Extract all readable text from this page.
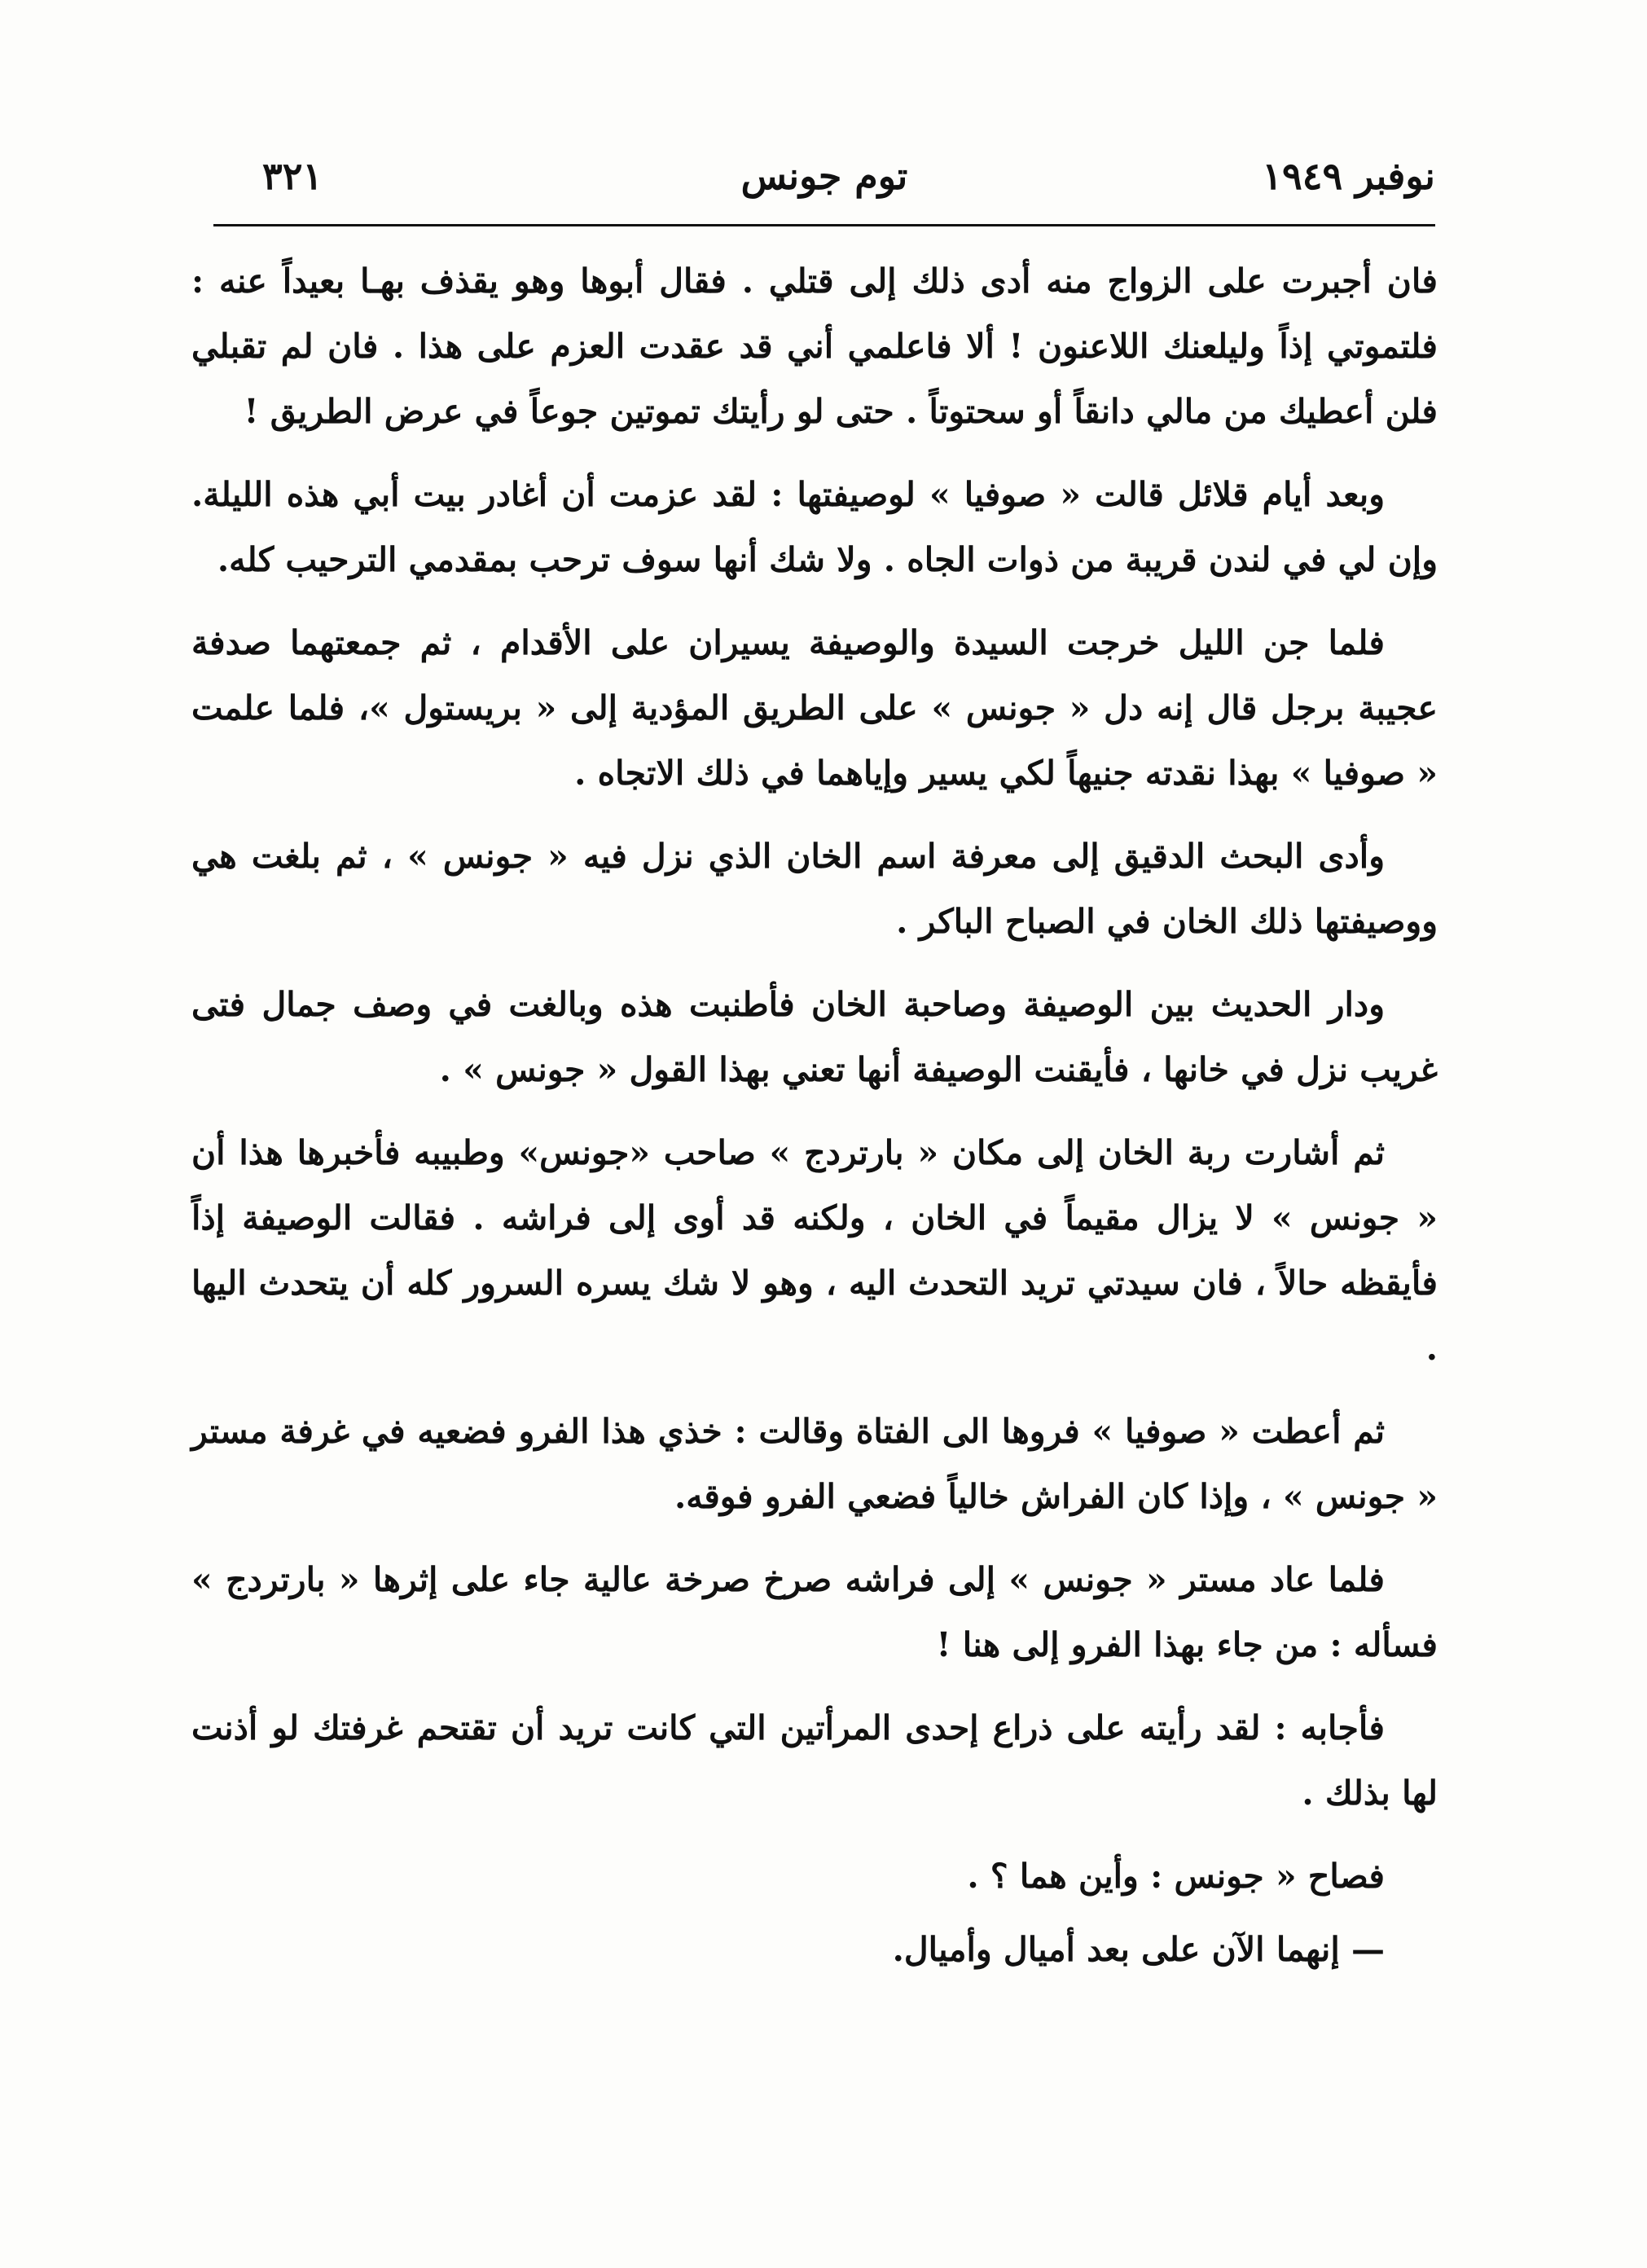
نوفبر ١٩٤٩
توم جونس
٣٢١

فان أجبرت على الزواج منه أدى ذلك إلى قتلي . فقال أبوها وهو يقذف بهـا بعيداً عنه : فلتموتي إذاً وليلعنك اللاعنون ! ألا فاعلمي أني قد عقدت العزم على هذا . فان لم تقبلي فلن أعطيك من مالي دانقاً أو سحتوتاً . حتى لو رأيتك تموتين جوعاً في عرض الطريق !

وبعد أيام قلائل قالت « صوفيا » لوصيفتها : لقد عزمت أن أغادر بيت أبي هذه الليلة. وإن لي في لندن قريبة من ذوات الجاه . ولا شك أنها سوف ترحب بمقدمي الترحيب كله.

فلما جن الليل خرجت السيدة والوصيفة يسيران على الأقدام ، ثم جمعتهما صدفة عجيبة برجل قال إنه دل « جونس » على الطريق المؤدية إلى « بريستول »، فلما علمت « صوفيا » بهذا نقدته جنيهاً لكي يسير وإياهما في ذلك الاتجاه .

وأدى البحث الدقيق إلى معرفة اسم الخان الذي نزل فيه « جونس » ، ثم بلغت هي ووصيفتها ذلك الخان في الصباح الباكر .

ودار الحديث بين الوصيفة وصاحبة الخان فأطنبت هذه وبالغت في وصف جمال فتى غريب نزل في خانها ، فأيقنت الوصيفة أنها تعني بهذا القول « جونس » .

ثم أشارت ربة الخان إلى مكان « بارتردج » صاحب «جونس» وطبيبه فأخبرها هذا أن « جونس » لا يزال مقيماً في الخان ، ولكنه قد أوى إلى فراشه . فقالت الوصيفة إذاً فأيقظه حالاً ، فان سيدتي تريد التحدث اليه ، وهو لا شك يسره السرور كله أن يتحدث اليها .

ثم أعطت « صوفيا » فروها الى الفتاة وقالت : خذي هذا الفرو فضعيه في غرفة مستر « جونس » ، وإذا كان الفراش خالياً فضعي الفرو فوقه.

فلما عاد مستر « جونس » إلى فراشه صرخ صرخة عالية جاء على إثرها « بارتردج » فسأله : من جاء بهذا الفرو إلى هنا !

فأجابه : لقد رأيته على ذراع إحدى المرأتين التي كانت تريد أن تقتحم غرفتك لو أذنت لها بذلك .

فصاح « جونس : وأين هما ؟ .

— إنهما الآن على بعد أميال وأميال.
